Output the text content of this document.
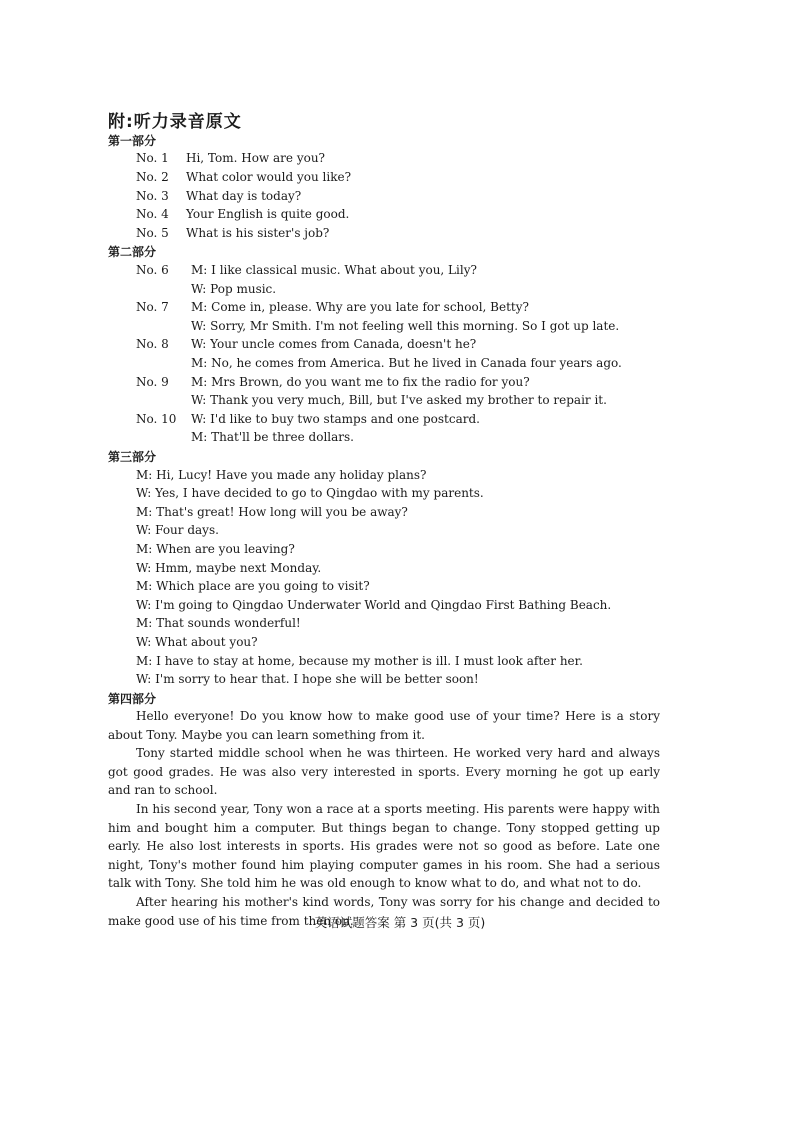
附:听力录音原文
第一部分
No. 1 Hi, Tom. How are you?
No. 2 What color would you like?
No. 3 What day is today?
No. 4 Your English is quite good.
No. 5 What is his sister's job?
第二部分
No. 6 M: I like classical music. What about you, Lily?
W: Pop music.
No. 7 M: Come in, please. Why are you late for school, Betty?
W: Sorry, Mr Smith. I'm not feeling well this morning. So I got up late.
No. 8 W: Your uncle comes from Canada, doesn't he?
M: No, he comes from America. But he lived in Canada four years ago.
No. 9 M: Mrs Brown, do you want me to fix the radio for you?
W: Thank you very much, Bill, but I've asked my brother to repair it.
No. 10 W: I'd like to buy two stamps and one postcard.
M: That'll be three dollars.
第三部分
M: Hi, Lucy! Have you made any holiday plans?
W: Yes, I have decided to go to Qingdao with my parents.
M: That's great! How long will you be away?
W: Four days.
M: When are you leaving?
W: Hmm, maybe next Monday.
M: Which place are you going to visit?
W: I'm going to Qingdao Underwater World and Qingdao First Bathing Beach.
M: That sounds wonderful!
W: What about you?
M: I have to stay at home, because my mother is ill. I must look after her.
W: I'm sorry to hear that. I hope she will be better soon!
第四部分

Hello everyone! Do you know how to make good use of your time? Here is a story about Tony. Maybe you can learn something from it.

Tony started middle school when he was thirteen. He worked very hard and always got good grades. He was also very interested in sports. Every morning he got up early and ran to school.

In his second year, Tony won a race at a sports meeting. His parents were happy with him and bought him a computer. But things began to change. Tony stopped getting up early. He also lost interests in sports. His grades were not so good as before. Late one night, Tony's mother found him playing computer games in his room. She had a serious talk with Tony. She told him he was old enough to know what to do, and what not to do.

After hearing his mother's kind words, Tony was sorry for his change and decided to make good use of his time from then on.

英语试题答案 第 3 页(共 3 页)
